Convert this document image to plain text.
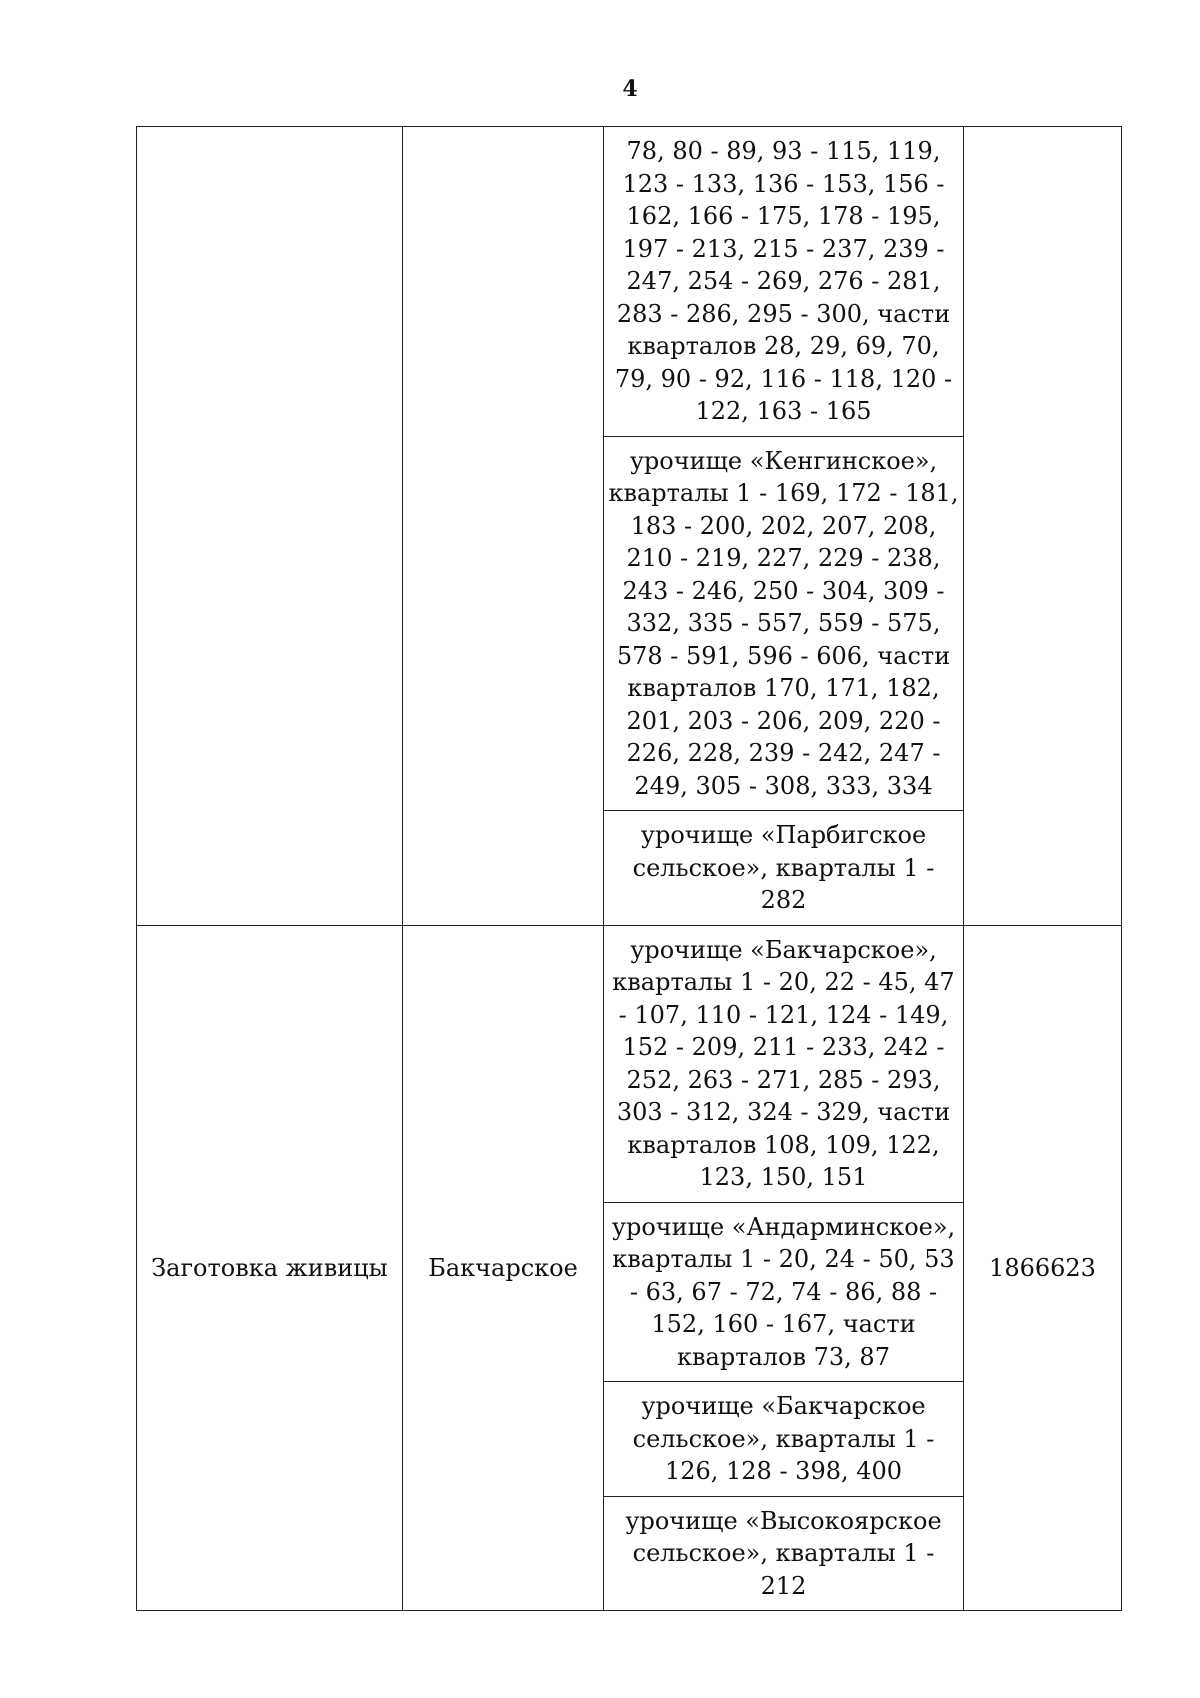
4
		78, 80 - 89, 93 - 115, 119, 123 - 133, 136 - 153, 156 - 162, 166 - 175, 178 - 195, 197 - 213, 215 - 237, 239 - 247, 254 - 269, 276 - 281, 283 - 286, 295 - 300, части кварталов 28, 29, 69, 70, 79, 90 - 92, 116 - 118, 120 - 122, 163 - 165	
		урочище «Кенгинское», кварталы 1 - 169, 172 - 181, 183 - 200, 202, 207, 208, 210 - 219, 227, 229 - 238, 243 - 246, 250 - 304, 309 - 332, 335 - 557, 559 - 575, 578 - 591, 596 - 606, части кварталов 170, 171, 182, 201, 203 - 206, 209, 220 - 226, 228, 239 - 242, 247 - 249, 305 - 308, 333, 334	
		урочище «Парбигское сельское», кварталы 1 - 282	
Заготовка живицы	Бакчарское	урочище «Бакчарское», кварталы 1 - 20, 22 - 45, 47 - 107, 110 - 121, 124 - 149, 152 - 209, 211 - 233, 242 - 252, 263 - 271, 285 - 293, 303 - 312, 324 - 329, части кварталов 108, 109, 122, 123, 150, 151	1866623
		урочище «Андарминское», кварталы 1 - 20, 24 - 50, 53 - 63, 67 - 72, 74 - 86, 88 - 152, 160 - 167, части кварталов 73, 87	
		урочище «Бакчарское сельское», кварталы 1 - 126, 128 - 398, 400	
		урочище «Высокоярское сельское», кварталы 1 - 212	
